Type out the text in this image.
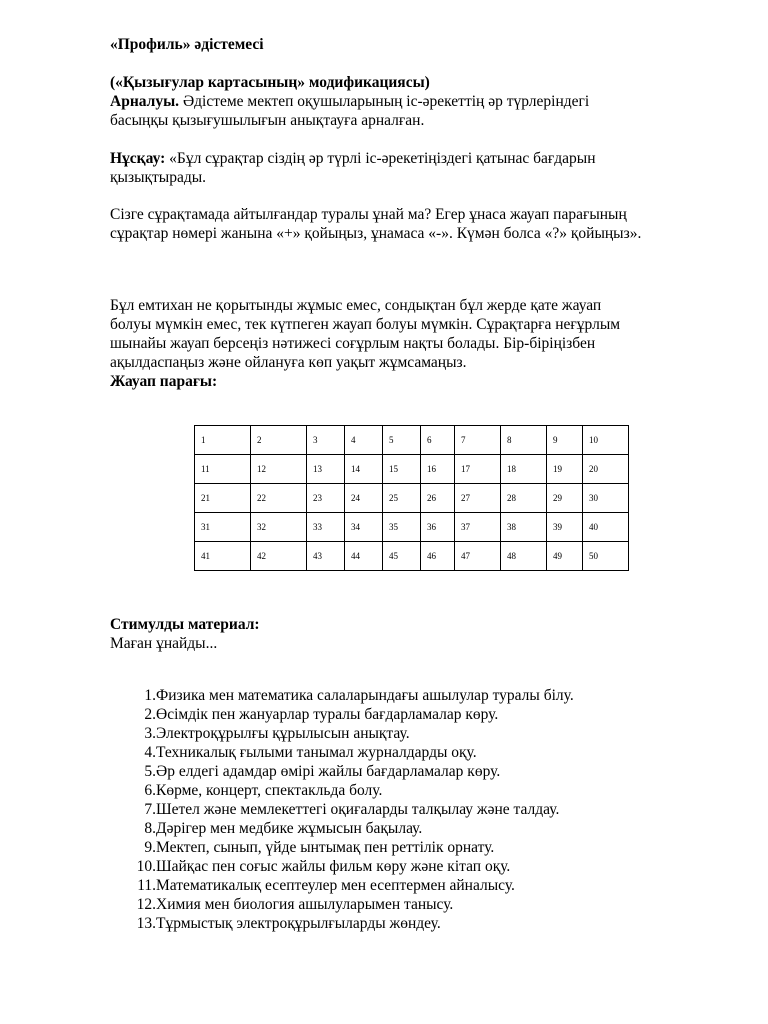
«Профиль» әдістемесі
(«Қызығулар картасының» модификациясы)
Арналуы. Әдістеме мектеп оқушыларының іс-әрекеттің әр түрлеріндегі
басыңқы қызығушылығын анықтауға арналған.
Нұсқау: «Бұл сұрақтар сіздің әр түрлі іс-әрекетіңіздегі қатынас бағдарын
қызықтырады.
Сізге сұрақтамада айтылғандар туралы ұнай ма? Егер ұнаса жауап парағының
сұрақтар нөмері жанына «+» қойыңыз, ұнамаса «-». Күмән болса «?» қойыңыз».
Бұл емтихан не қорытынды жұмыс емес, сондықтан бұл жерде қате жауап
болуы мүмкін емес, тек күтпеген жауап болуы мүмкін. Сұрақтарға неғұрлым
шынайы жауап берсеңіз нәтижесі соғұрлым нақты болады. Бір-біріңізбен
ақылдаспаңыз және ойлануға көп уақыт жұмсамаңыз.
Жауап парағы:
1	2	3	4	5	6	7	8	9	10
11	12	13	14	15	16	17	18	19	20
21	22	23	24	25	26	27	28	29	30
31	32	33	34	35	36	37	38	39	40
41	42	43	44	45	46	47	48	49	50
Стимулды материал:
Маған ұнайды...
1. Физика мен математика салаларындағы ашылулар туралы білу.
2. Өсімдік пен жануарлар туралы бағдарламалар көру.
3. Электроқұрылғы құрылысын анықтау.
4. Техникалық ғылыми танымал журналдарды оқу.
5. Әр елдегі адамдар өмірі жайлы бағдарламалар көру.
6. Көрме, концерт, спектакльда болу.
7. Шетел және мемлекеттегі оқиғаларды талқылау және талдау.
8. Дәрігер мен медбике жұмысын бақылау.
9. Мектеп, сынып, үйде ынтымақ пен реттілік орнату.
10. Шайқас пен соғыс жайлы фильм көру және кітап оқу.
11. Математикалық есептеулер мен есептермен айналысу.
12. Химия мен биология ашылуларымен танысу.
13. Тұрмыстық электроқұрылғыларды жөндеу.
